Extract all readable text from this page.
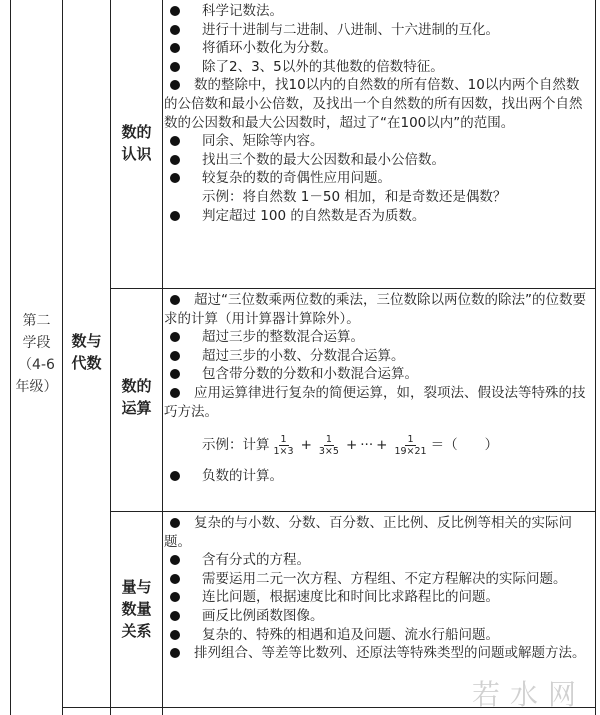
第二
学段
（4-6
年级）
数与
代数
数的
认识
数的
运算
量与
数量
关系

科学记数法。

进行十进制与二进制、八进制、十六进制的互化。

将循环小数化为分数。

除了2、3、5以外的其他数的倍数特征。

数的整除中，找10以内的自然数的所有倍数、10以内两个自然数的公倍数和最小公倍数，及找出一个自然数的所有因数，找出两个自然数的公因数和最大公因数时，超过了“在100以内”的范围。

同余、矩除等内容。

找出三个数的最大公因数和最小公倍数。

较复杂的数的奇偶性应用问题。

示例：将自然数 1－50 相加，和是奇数还是偶数？

判定超过 100 的自然数是否为质数。

超过“三位数乘两位数的乘法，三位数除以两位数的除法”的位数要求的计算（用计算器计算除外）。

超过三步的整数混合运算。

超过三步的小数、分数混合运算。

包含带分数的分数和小数混合运算。

应用运算律进行复杂的简便运算，如，裂项法、假设法等特殊的技巧方法。

示例：计算 $\frac{1}{1\times 3} + \frac{1}{3\times 5}$ + ··· + $\frac{1}{19\times 21}$ ＝（　　）

负数的计算。

复杂的与小数、分数、百分数、正比例、反比例等相关的实际问题。

含有分式的方程。

需要运用二元一次方程、方程组、不定方程解决的实际问题。

连比问题，根据速度比和时间比求路程比的问题。

画反比例函数图像。

复杂的、特殊的相遇和追及问题、流水行船问题。

排列组合、等差等比数列、还原法等特殊类型的问题或解题方法。

若水网
